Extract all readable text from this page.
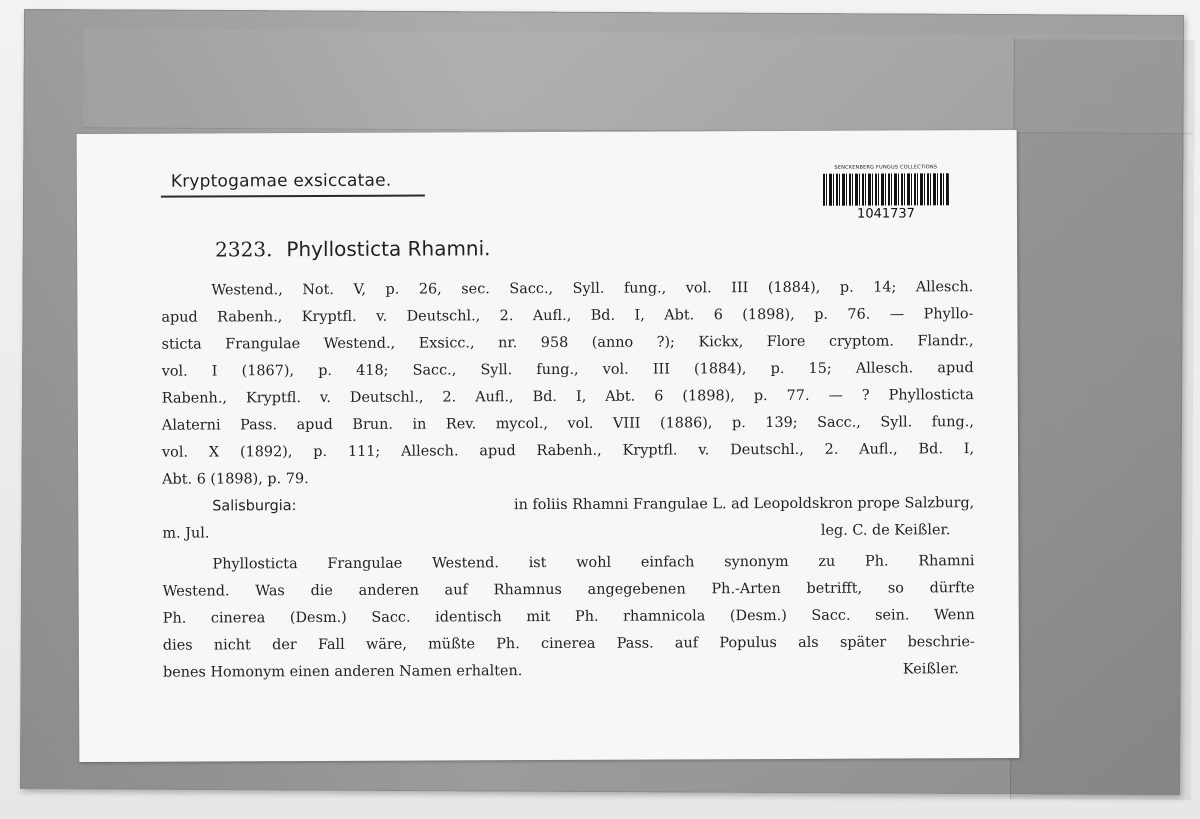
Kryptogamae exsiccatae.
SENCKENBERG FUNGUS COLLECTIONS
1041737
2323. Phyllosticta Rhamni.
Westend., Not. V, p. 26, sec. Sacc., Syll. fung., vol. III (1884), p. 14; Allesch.
apud Rabenh., Kryptfl. v. Deutschl., 2. Aufl., Bd. I, Abt. 6 (1898), p. 76. — Phyllo-
sticta Frangulae Westend., Exsicc., nr. 958 (anno ?); Kickx, Flore cryptom. Flandr.,
vol. I (1867), p. 418; Sacc., Syll. fung., vol. III (1884), p. 15; Allesch. apud
Rabenh., Kryptfl. v. Deutschl., 2. Aufl., Bd. I, Abt. 6 (1898), p. 77. — ? Phyllosticta
Alaterni Pass. apud Brun. in Rev. mycol., vol. VIII (1886), p. 139; Sacc., Syll. fung.,
vol. X (1892), p. 111; Allesch. apud Rabenh., Kryptfl. v. Deutschl., 2. Aufl., Bd. I,
Abt. 6 (1898), p. 79.
Salisburgia:	in foliis Rhamni Frangulae L. ad Leopoldskron prope Salzburg,
m. Jul.	leg. C. de Keißler.
Phyllosticta Frangulae Westend. ist wohl einfach synonym zu Ph. Rhamni
Westend. Was die anderen auf Rhamnus angegebenen Ph.-Arten betrifft, so dürfte
Ph. cinerea (Desm.) Sacc. identisch mit Ph. rhamnicola (Desm.) Sacc. sein. Wenn
dies nicht der Fall wäre, müßte Ph. cinerea Pass. auf Populus als später beschrie-
benes Homonym einen anderen Namen erhalten.	Keißler.
